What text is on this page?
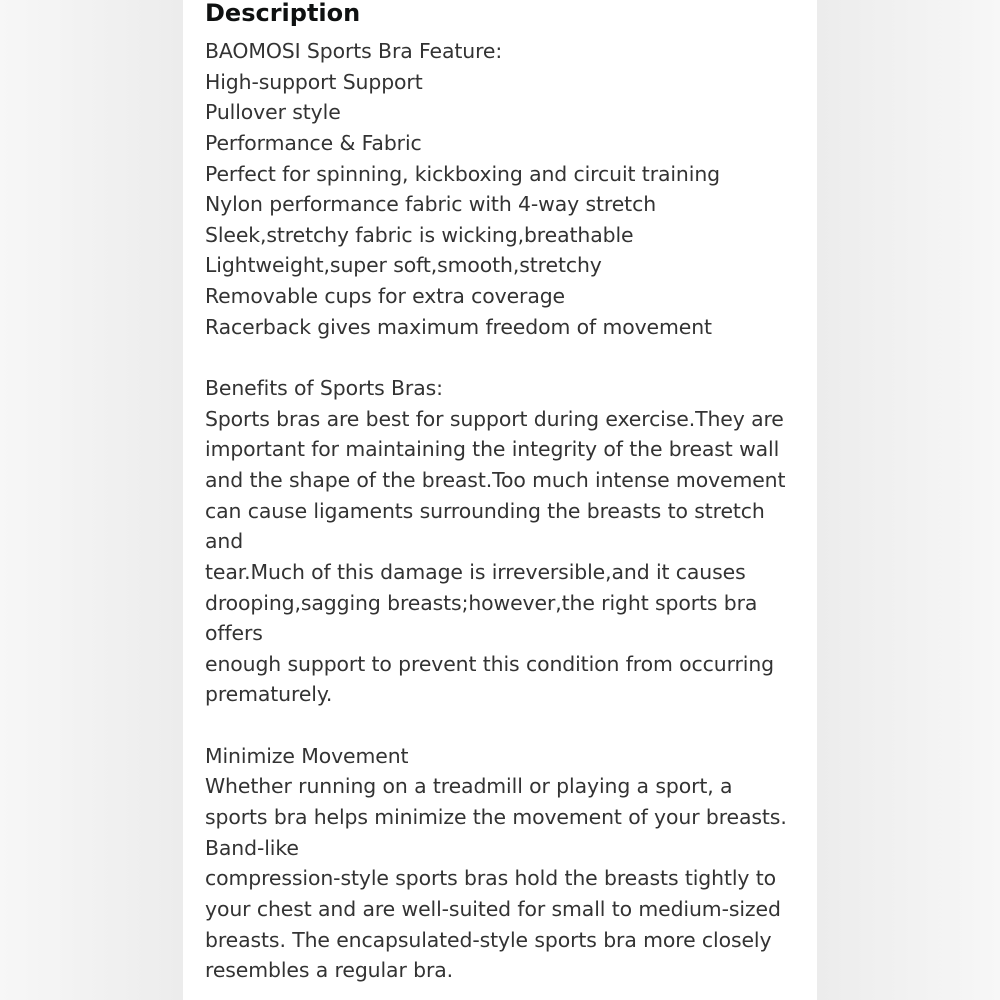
Description
BAOMOSI Sports Bra Feature:
High-support Support
Pullover style
Performance & Fabric
Perfect for spinning, kickboxing and circuit training
Nylon performance fabric with 4-way stretch
Sleek,stretchy fabric is wicking,breathable
Lightweight,super soft,smooth,stretchy
Removable cups for extra coverage
Racerback gives maximum freedom of movement
Benefits of Sports Bras:
Sports bras are best for support during exercise.They are
important for maintaining the integrity of the breast wall
and the shape of the breast.Too much intense movement
can cause ligaments surrounding the breasts to stretch
and
tear.Much of this damage is irreversible,and it causes
drooping,sagging breasts;however,the right sports bra
offers
enough support to prevent this condition from occurring
prematurely.
Minimize Movement
Whether running on a treadmill or playing a sport, a
sports bra helps minimize the movement of your breasts.
Band-like
compression-style sports bras hold the breasts tightly to
your chest and are well-suited for small to medium-sized
breasts. The encapsulated-style sports bra more closely
resembles a regular bra.
